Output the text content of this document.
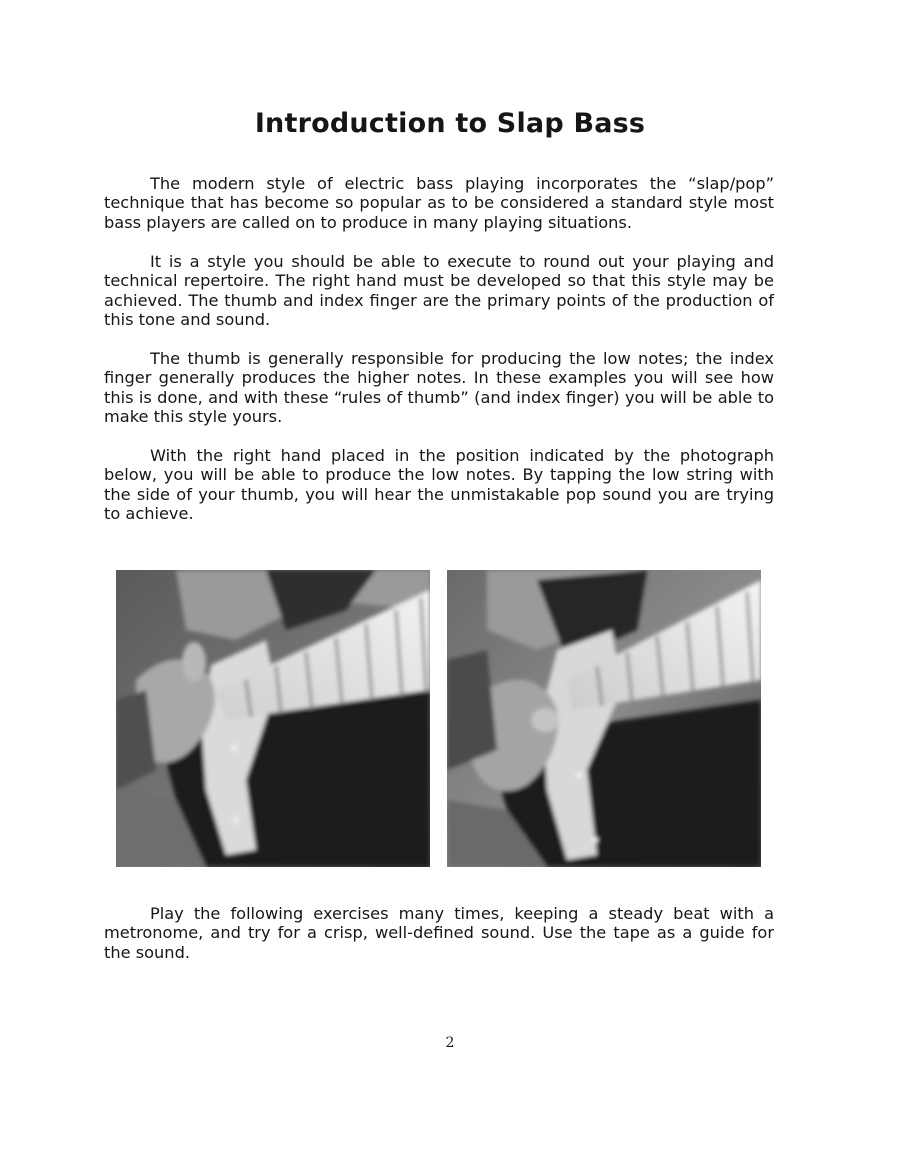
Introduction to Slap Bass

The modern style of electric bass playing incorporates the “slap/pop” technique that has become so popular as to be considered a standard style most bass players are called on to produce in many playing situations.

It is a style you should be able to execute to round out your playing and technical repertoire. The right hand must be developed so that this style may be achieved. The thumb and index finger are the primary points of the production of this tone and sound.

The thumb is generally responsible for producing the low notes; the index finger generally produces the higher notes. In these examples you will see how this is done, and with these “rules of thumb” (and index finger) you will be able to make this style yours.

With the right hand placed in the position indicated by the photograph below, you will be able to produce the low notes. By tapping the low string with the side of your thumb, you will hear the unmistakable pop sound you are trying to achieve.

Play the following exercises many times, keeping a steady beat with a metronome, and try for a crisp, well-defined sound. Use the tape as a guide for the sound.

2
